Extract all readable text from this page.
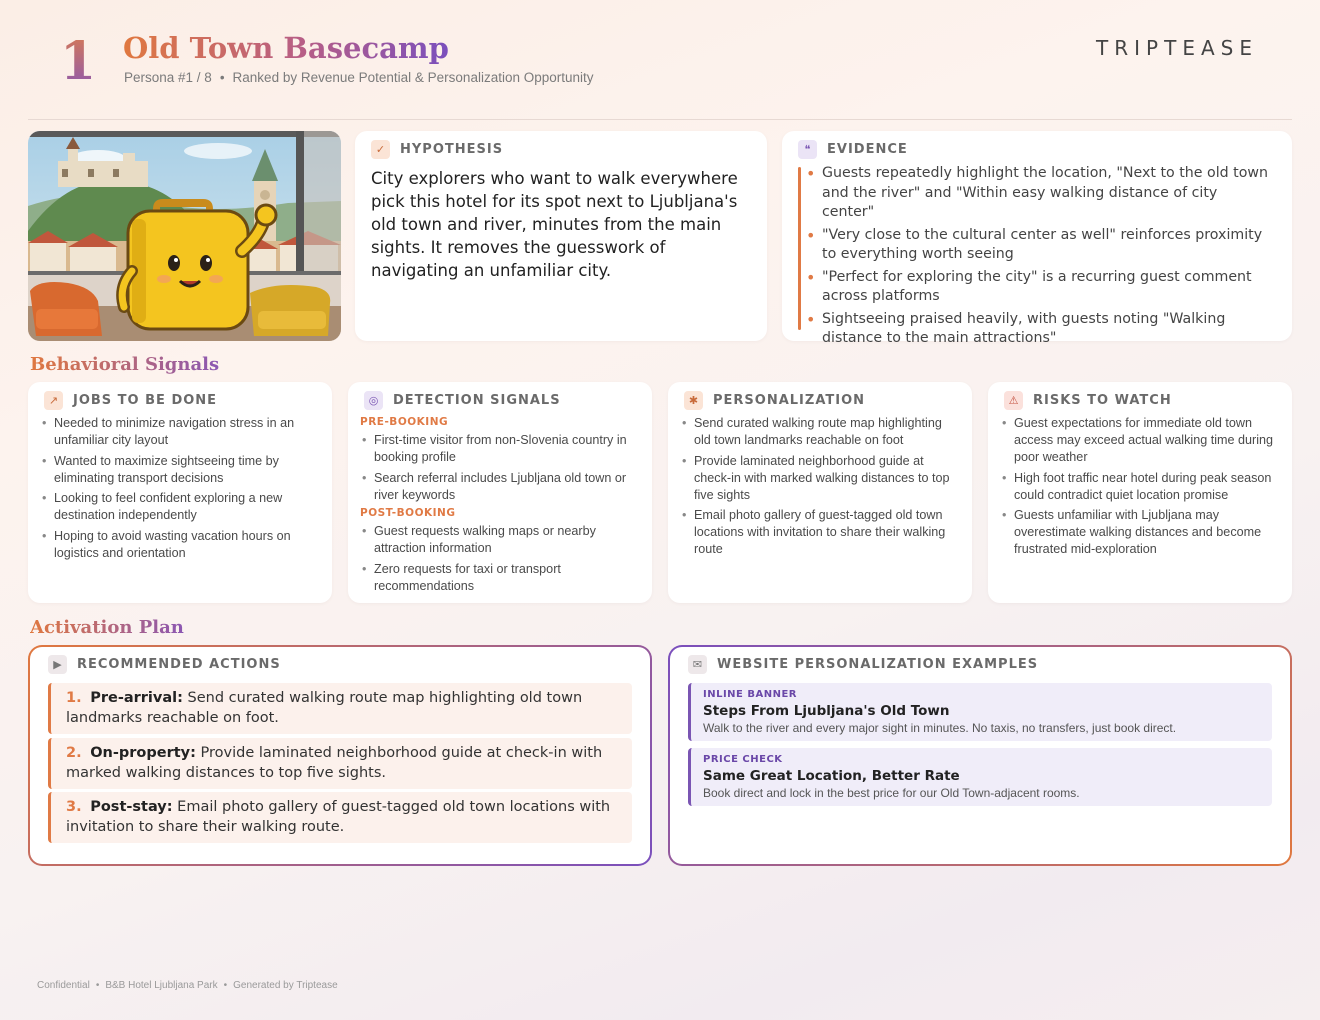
1 Old Town Basecamp
Persona #1 / 8 • Ranked by Revenue Potential & Personalization Opportunity
TRIPTEASE
✓	HYPOTHESIS
City explorers who want to walk everywhere pick this hotel for its spot next to Ljubljana's old town and river, minutes from the main sights. It removes the guesswork of navigating an unfamiliar city.
❝	EVIDENCE
• Guests repeatedly highlight the location, "Next to the old town and the river" and "Within easy walking distance of city center"
• "Very close to the cultural center as well" reinforces proximity to everything worth seeing
• "Perfect for exploring the city" is a recurring guest comment across platforms
• Sightseeing praised heavily, with guests noting "Walking distance to the main attractions"
Behavioral Signals
↗	JOBS TO BE DONE
• Needed to minimize navigation stress in an unfamiliar city layout
• Wanted to maximize sightseeing time by eliminating transport decisions
• Looking to feel confident exploring a new destination independently
• Hoping to avoid wasting vacation hours on logistics and orientation
◎	DETECTION SIGNALS
PRE-BOOKING
• First-time visitor from non-Slovenia country in booking profile
• Search referral includes Ljubljana old town or river keywords
POST-BOOKING
• Guest requests walking maps or nearby attraction information
• Zero requests for taxi or transport recommendations
✱	PERSONALIZATION
• Send curated walking route map highlighting old town landmarks reachable on foot
• Provide laminated neighborhood guide at check-in with marked walking distances to top five sights
• Email photo gallery of guest-tagged old town locations with invitation to share their walking route
⚠	RISKS TO WATCH
• Guest expectations for immediate old town access may exceed actual walking time during poor weather
• High foot traffic near hotel during peak season could contradict quiet location promise
• Guests unfamiliar with Ljubljana may overestimate walking distances and become frustrated mid-exploration
Activation Plan
▶	RECOMMENDED ACTIONS
1. Pre-arrival: Send curated walking route map highlighting old town landmarks reachable on foot.
2. On-property: Provide laminated neighborhood guide at check-in with marked walking distances to top five sights.
3. Post-stay: Email photo gallery of guest-tagged old town locations with invitation to share their walking route.
✉	WEBSITE PERSONALIZATION EXAMPLES
INLINE BANNER
Steps From Ljubljana's Old Town
Walk to the river and every major sight in minutes. No taxis, no transfers, just book direct.
PRICE CHECK
Same Great Location, Better Rate
Book direct and lock in the best price for our Old Town-adjacent rooms.
Confidential • B&B Hotel Ljubljana Park • Generated by Triptease
